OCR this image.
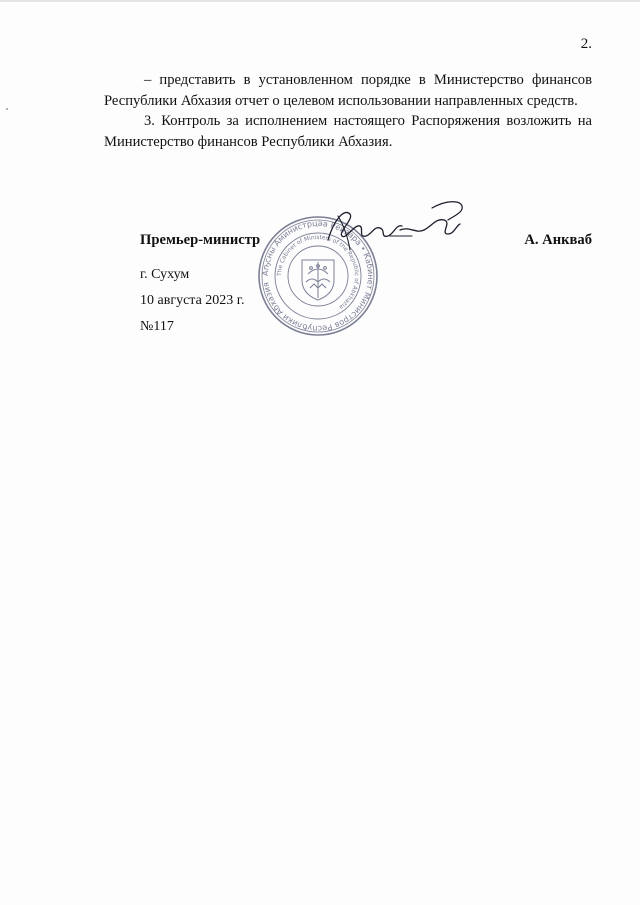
2.

– представить в установленном порядке в Министерство финансов Республики Абхазия отчет о целевом использовании направленных средств.

3. Контроль за исполнением настоящего Распоряжения возложить на Министерство финансов Республики Абхазия.

Аҧсны Аминистрцәа Реизара • Кабинет Министров Республики Абхазия
The Cabinet of Ministers of the Republic of Abkhazia
Премьер-министр	А. Анкваб
г. Сухум
10 августа 2023 г.
№117
